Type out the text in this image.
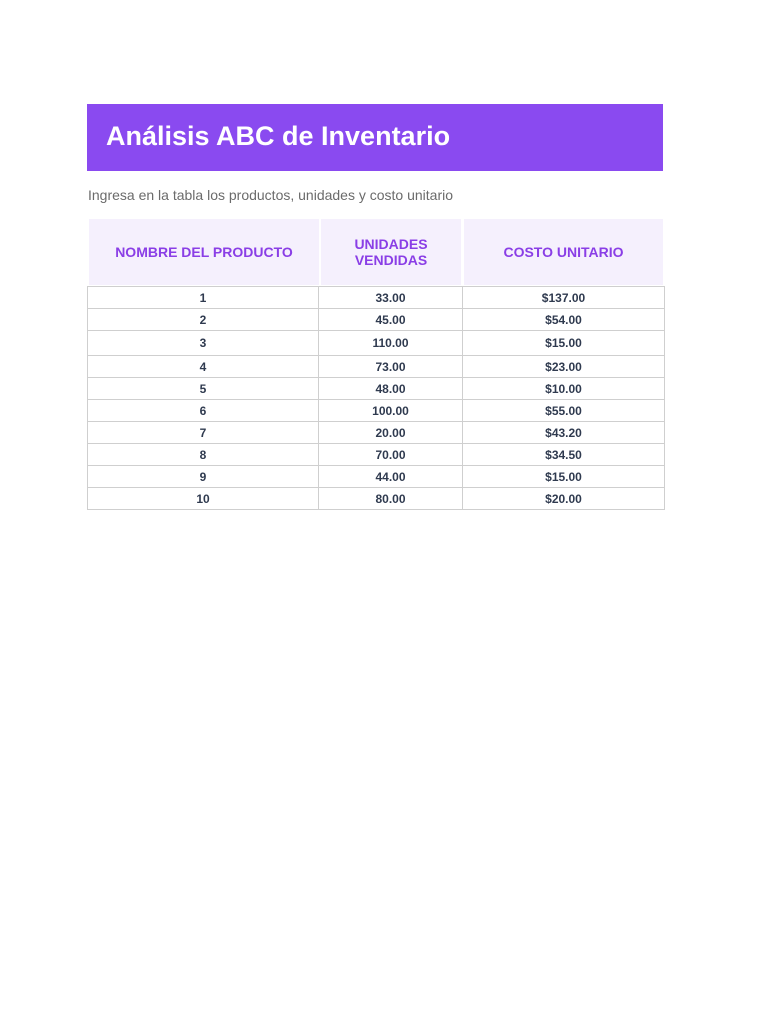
Análisis ABC de Inventario
Ingresa en la tabla los productos, unidades y costo unitario
NOMBRE DEL PRODUCTO	UNIDADES VENDIDAS	COSTO UNITARIO
1	33.00	$137.00
2	45.00	$54.00
3	110.00	$15.00
4	73.00	$23.00
5	48.00	$10.00
6	100.00	$55.00
7	20.00	$43.20
8	70.00	$34.50
9	44.00	$15.00
10	80.00	$20.00
